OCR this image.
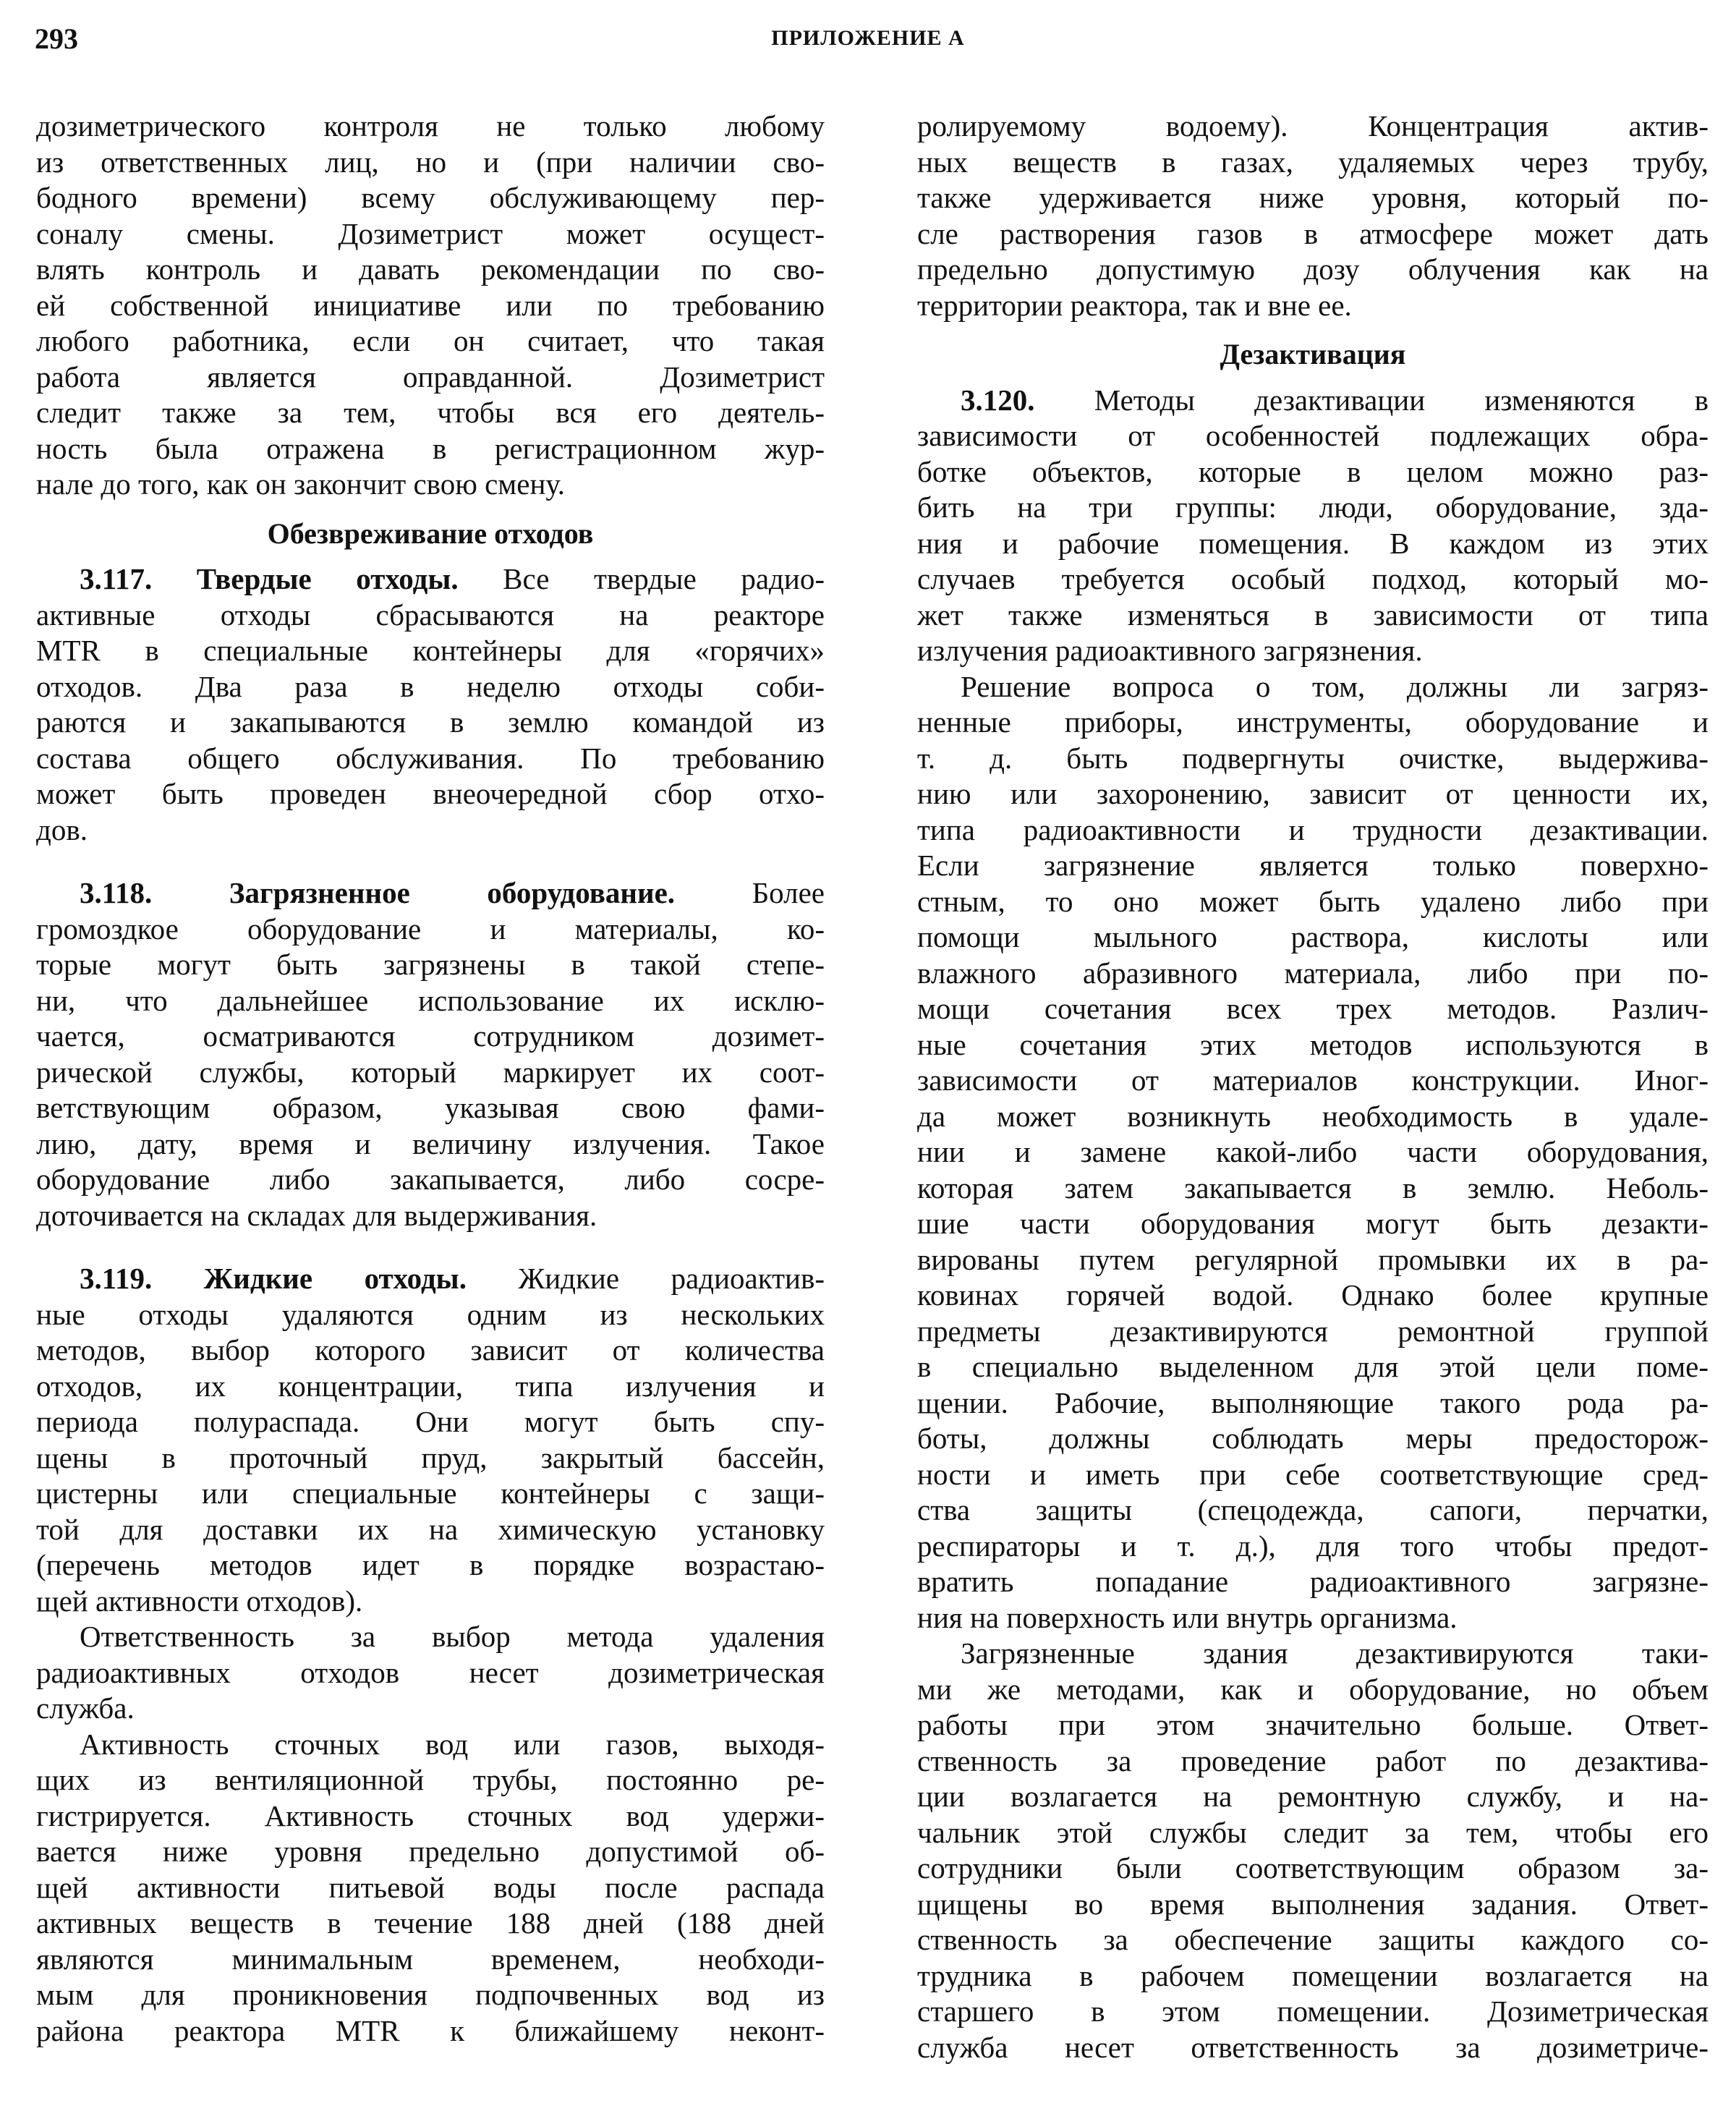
293	ПРИЛОЖЕНИЕ А
дозиметрического контроля не только любому
из ответственных лиц, но и (при наличии сво-
бодного времени) всему обслуживающему пер-
соналу смены. Дозиметрист может осущест-
влять контроль и давать рекомендации по сво-
ей собственной инициативе или по требованию
любого работника, если он считает, что такая
работа является оправданной. Дозиметрист
следит также за тем, чтобы вся его деятель-
ность была отражена в регистрационном жур-
нале до того, как он закончит свою смену.
Обезвреживание отходов
3.117. Твердые отходы. Все твердые радио-
активные отходы сбрасываются на реакторе
MTR в специальные контейнеры для «горячих»
отходов. Два раза в неделю отходы соби-
раются и закапываются в землю командой из
состава общего обслуживания. По требованию
может быть проведен внеочередной сбор отхо-
дов.
3.118. Загрязненное оборудование. Более
громоздкое оборудование и материалы, ко-
торые могут быть загрязнены в такой степе-
ни, что дальнейшее использование их исклю-
чается, осматриваются сотрудником дозимет-
рической службы, который маркирует их соот-
ветствующим образом, указывая свою фами-
лию, дату, время и величину излучения. Такое
оборудование либо закапывается, либо сосре-
доточивается на складах для выдерживания.
3.119. Жидкие отходы. Жидкие радиоактив-
ные отходы удаляются одним из нескольких
методов, выбор которого зависит от количества
отходов, их концентрации, типа излучения и
периода полураспада. Они могут быть спу-
щены в проточный пруд, закрытый бассейн,
цистерны или специальные контейнеры с защи-
той для доставки их на химическую установку
(перечень методов идет в порядке возрастаю-
щей активности отходов).
Ответственность за выбор метода удаления
радиоактивных отходов несет дозиметрическая
служба.
Активность сточных вод или газов, выходя-
щих из вентиляционной трубы, постоянно ре-
гистрируется. Активность сточных вод удержи-
вается ниже уровня предельно допустимой об-
щей активности питьевой воды после распада
активных веществ в течение 188 дней (188 дней
являются минимальным временем, необходи-
мым для проникновения подпочвенных вод из
района реактора MTR к ближайшему неконт-
ролируемому водоему). Концентрация актив-
ных веществ в газах, удаляемых через трубу,
также удерживается ниже уровня, который по-
сле растворения газов в атмосфере может дать
предельно допустимую дозу облучения как на
территории реактора, так и вне ее.
Дезактивация
3.120. Методы дезактивации изменяются в
зависимости от особенностей подлежащих обра-
ботке объектов, которые в целом можно раз-
бить на три группы: люди, оборудование, зда-
ния и рабочие помещения. В каждом из этих
случаев требуется особый подход, который мо-
жет также изменяться в зависимости от типа
излучения радиоактивного загрязнения.
Решение вопроса о том, должны ли загряз-
ненные приборы, инструменты, оборудование и
т. д. быть подвергнуты очистке, выдержива-
нию или захоронению, зависит от ценности их,
типа радиоактивности и трудности дезактивации.
Если загрязнение является только поверхно-
стным, то оно может быть удалено либо при
помощи мыльного раствора, кислоты или
влажного абразивного материала, либо при по-
мощи сочетания всех трех методов. Различ-
ные сочетания этих методов используются в
зависимости от материалов конструкции. Иног-
да может возникнуть необходимость в удале-
нии и замене какой-либо части оборудования,
которая затем закапывается в землю. Неболь-
шие части оборудования могут быть дезакти-
вированы путем регулярной промывки их в ра-
ковинах горячей водой. Однако более крупные
предметы дезактивируются ремонтной группой
в специально выделенном для этой цели поме-
щении. Рабочие, выполняющие такого рода ра-
боты, должны соблюдать меры предосторож-
ности и иметь при себе соответствующие сред-
ства защиты (спецодежда, сапоги, перчатки,
респираторы и т. д.), для того чтобы предот-
вратить попадание радиоактивного загрязне-
ния на поверхность или внутрь организма.
Загрязненные здания дезактивируются таки-
ми же методами, как и оборудование, но объем
работы при этом значительно больше. Ответ-
ственность за проведение работ по дезактива-
ции возлагается на ремонтную службу, и на-
чальник этой службы следит за тем, чтобы его
сотрудники были соответствующим образом за-
щищены во время выполнения задания. Ответ-
ственность за обеспечение защиты каждого со-
трудника в рабочем помещении возлагается на
старшего в этом помещении. Дозиметрическая
служба несет ответственность за дозиметриче-
